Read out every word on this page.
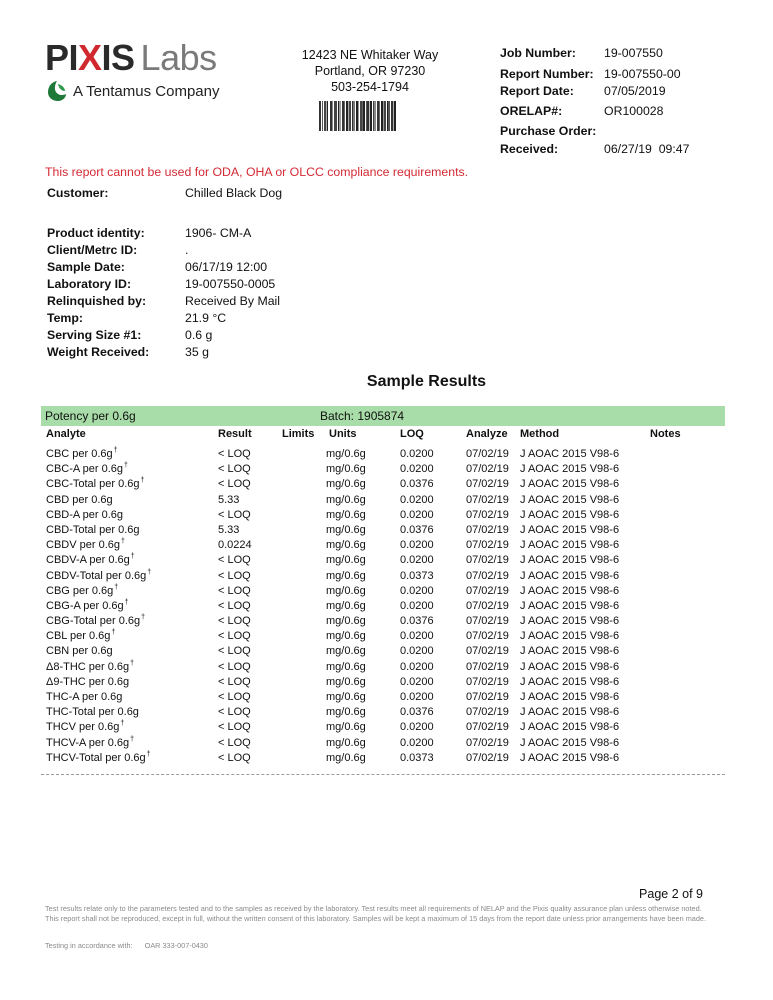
PIXIS Labs
A Tentamus Company
12423 NE Whitaker Way
Portland, OR 97230
503-254-1794
Job Number:	19-007550
Report Number: 19-007550-00
Report Date:	07/05/2019
ORELAP#:	OR100028
Purchase Order:
Received:	06/27/19  09:47
This report cannot be used for ODA, OHA or OLCC compliance requirements.
Customer:	Chilled Black Dog
Product identity:	1906- CM-A
Client/Metrc ID:	.
Sample Date:	06/17/19 12:00
Laboratory ID:	19-007550-0005
Relinquished by:	Received By Mail
Temp:	21.9 °C
Serving Size #1:	0.6 g
Weight Received:	35 g
Sample Results
Potency per 0.6g	Batch: 1905874
Analyte	Result	Limits Units	LOQ	Analyze Method	Notes
CBC per 0.6g†	< LOQ	mg/0.6g	0.0200	07/02/19 J AOAC 2015 V98-6
CBC-A per 0.6g†	< LOQ	mg/0.6g	0.0200	07/02/19 J AOAC 2015 V98-6
CBC-Total per 0.6g†	< LOQ	mg/0.6g	0.0376	07/02/19 J AOAC 2015 V98-6
CBD per 0.6g	5.33	mg/0.6g	0.0200	07/02/19 J AOAC 2015 V98-6
CBD-A per 0.6g	< LOQ	mg/0.6g	0.0200	07/02/19 J AOAC 2015 V98-6
CBD-Total per 0.6g	5.33	mg/0.6g	0.0376	07/02/19 J AOAC 2015 V98-6
CBDV per 0.6g†	0.0224	mg/0.6g	0.0200	07/02/19 J AOAC 2015 V98-6
CBDV-A per 0.6g†	< LOQ	mg/0.6g	0.0200	07/02/19 J AOAC 2015 V98-6
CBDV-Total per 0.6g†	< LOQ	mg/0.6g	0.0373	07/02/19 J AOAC 2015 V98-6
CBG per 0.6g†	< LOQ	mg/0.6g	0.0200	07/02/19 J AOAC 2015 V98-6
CBG-A per 0.6g†	< LOQ	mg/0.6g	0.0200	07/02/19 J AOAC 2015 V98-6
CBG-Total per 0.6g†	< LOQ	mg/0.6g	0.0376	07/02/19 J AOAC 2015 V98-6
CBL per 0.6g†	< LOQ	mg/0.6g	0.0200	07/02/19 J AOAC 2015 V98-6
CBN per 0.6g	< LOQ	mg/0.6g	0.0200	07/02/19 J AOAC 2015 V98-6
Δ8-THC per 0.6g†	< LOQ	mg/0.6g	0.0200	07/02/19 J AOAC 2015 V98-6
Δ9-THC per 0.6g	< LOQ	mg/0.6g	0.0200	07/02/19 J AOAC 2015 V98-6
THC-A per 0.6g	< LOQ	mg/0.6g	0.0200	07/02/19 J AOAC 2015 V98-6
THC-Total per 0.6g	< LOQ	mg/0.6g	0.0376	07/02/19 J AOAC 2015 V98-6
THCV per 0.6g†	< LOQ	mg/0.6g	0.0200	07/02/19 J AOAC 2015 V98-6
THCV-A per 0.6g†	< LOQ	mg/0.6g	0.0200	07/02/19 J AOAC 2015 V98-6
THCV-Total per 0.6g†	< LOQ	mg/0.6g	0.0373	07/02/19 J AOAC 2015 V98-6
Page 2 of 9
Test results relate only to the parameters tested and to the samples as received by the laboratory. Test results meet all requirements of NELAP and the Pixis quality assurance plan unless otherwise noted. This report shall not be reproduced, except in full, without the written consent of this laboratory. Samples will be kept a maximum of 15 days from the report date unless prior arrangements have been made.
Testing in accordance with: OAR 333-007-0430
